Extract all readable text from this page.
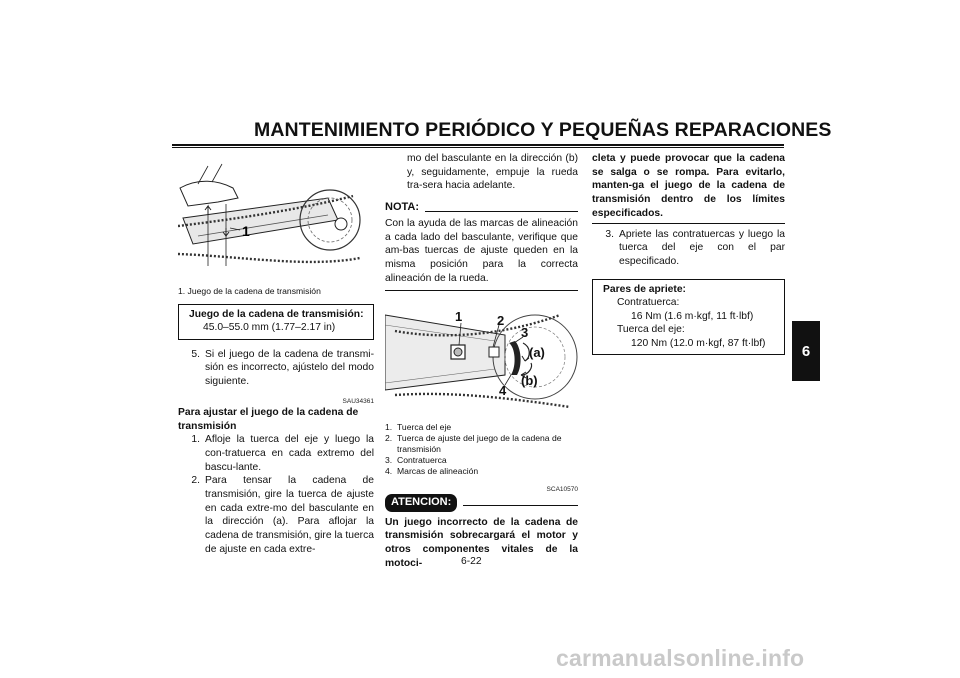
MANTENIMIENTO PERIÓDICO Y PEQUEÑAS REPARACIONES
6
1
1. Juego de la cadena de transmisión
Juego de la cadena de transmisión:
45.0–55.0 mm (1.77–2.17 in)
5. Si el juego de la cadena de transmi-sión es incorrecto, ajústelo del modo siguiente.
SAU34361
Para ajustar el juego de la cadena de transmisión
1. Afloje la tuerca del eje y luego la con-tratuerca en cada extremo del bascu-lante.
2. Para tensar la cadena de transmisión, gire la tuerca de ajuste en cada extre-mo del basculante en la dirección (a). Para aflojar la cadena de transmisión, gire la tuerca de ajuste en cada extre-
mo del basculante en la dirección (b) y, seguidamente, empuje la rueda tra-sera hacia adelante.
NOTA:
Con la ayuda de las marcas de alineación a cada lado del basculante, verifique que am-bas tuercas de ajuste queden en la misma posición para la correcta alineación de la rueda.
1	2
3
(a)
(b)
4
1. Tuerca del eje
2. Tuerca de ajuste del juego de la cadena de transmisión
3. Contratuerca
4. Marcas de alineación
SCA10570
ATENCION:
Un juego incorrecto de la cadena de transmisión sobrecargará el motor y otros componentes vitales de la motoci-
cleta y puede provocar que la cadena se salga o se rompa. Para evitarlo, manten-ga el juego de la cadena de transmisión dentro de los límites especificados.
3. Apriete las contratuercas y luego la tuerca del eje con el par especificado.
Pares de apriete:
Contratuerca:
16 Nm (1.6 m·kgf, 11 ft·lbf)
Tuerca del eje:
120 Nm (12.0 m·kgf, 87 ft·lbf)
6-22
carmanualsonline.info
